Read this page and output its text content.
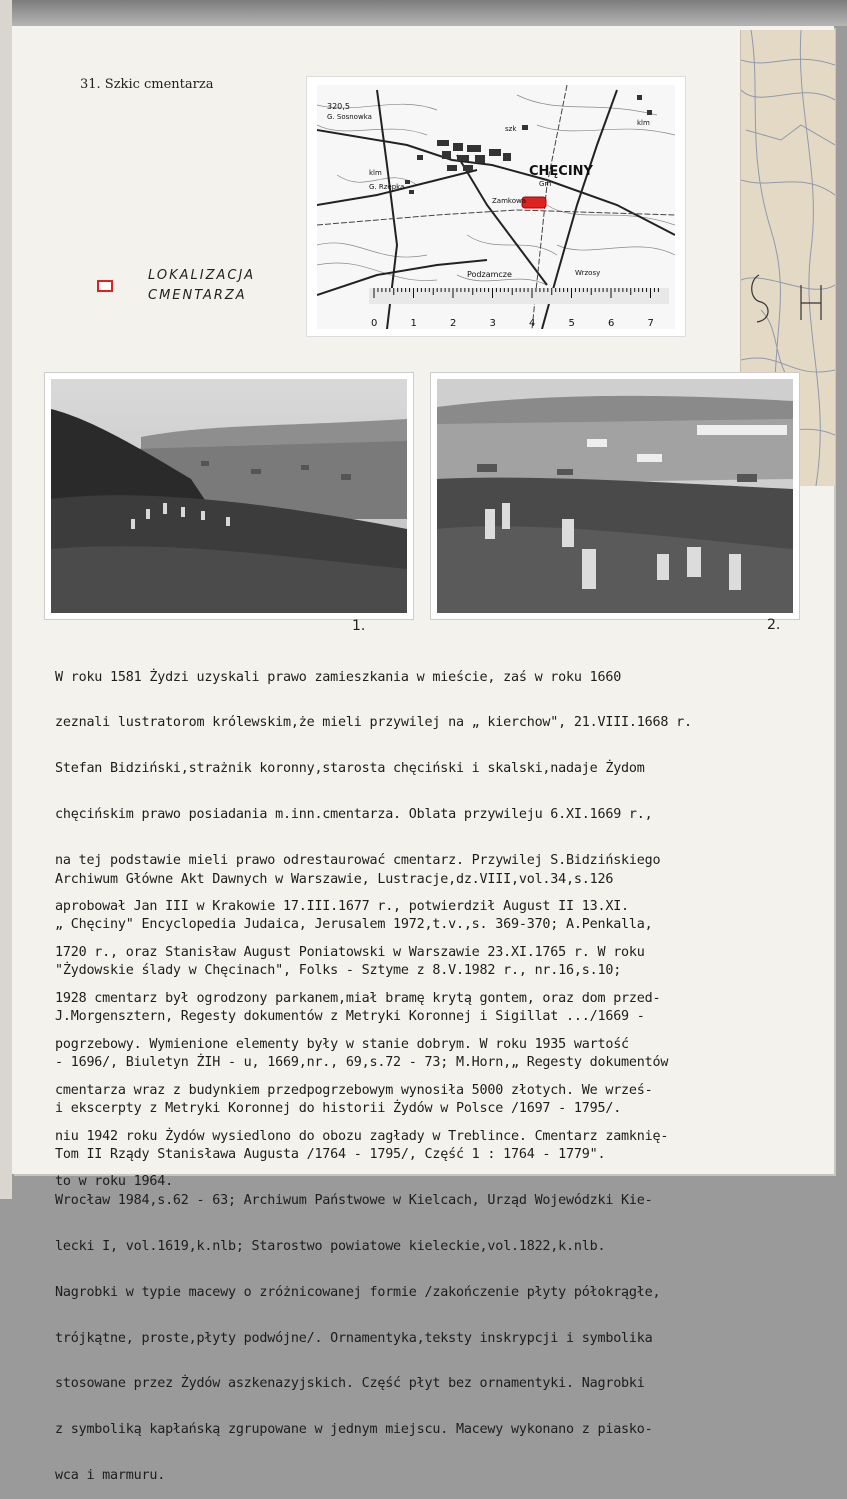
31. Szkic cmentarza
320,5
G. Sosnowka
szk
klm
klm
CHĘCINY
Gm
G. Rzepka
Zamkowa
Podzamcze	Wrzosy
0	1	2	3	4	5	6	7
LOKALIZACJA
CMENTARZA
1.	2.

W roku 1581 Żydzi uzyskali prawo zamieszkania w mieście, zaś w roku 1660

zeznali lustratorom królewskim,że mieli przywilej na „ kierchow", 21.VIII.1668 r.

Stefan Bidziński,strażnik koronny,starosta chęciński i skalski,nadaje Żydom

chęcińskim prawo posiadania m.inn.cmentarza. Oblata przywileju 6.XI.1669 r.,

na tej podstawie mieli prawo odrestaurować cmentarz. Przywilej S.Bidzińskiego

aprobował Jan III w Krakowie 17.III.1677 r., potwierdził August II 13.XI.

1720 r., oraz Stanisław August Poniatowski w Warszawie 23.XI.1765 r. W roku

1928 cmentarz był ogrodzony parkanem,miał bramę krytą gontem, oraz dom przed-

pogrzebowy. Wymienione elementy były w stanie dobrym. W roku 1935 wartość

cmentarza wraz z budynkiem przedpogrzebowym wynosiła 5000 złotych. We wrześ-

niu 1942 roku Żydów wysiedlono do obozu zagłady w Treblince. Cmentarz zamknię-

to w roku 1964.

Archiwum Główne Akt Dawnych w Warszawie, Lustracje,dz.VIII,vol.34,s.126

„ Chęciny" Encyclopedia Judaica, Jerusalem 1972,t.v.,s. 369-370; A.Penkalla,

"Żydowskie ślady w Chęcinach", Folks - Sztyme z 8.V.1982 r., nr.16,s.10;

J.Morgensztern, Regesty dokumentów z Metryki Koronnej i Sigillat .../1669 -

- 1696/, Biuletyn ŻIH - u, 1669,nr., 69,s.72 - 73; M.Horn,„ Regesty dokumentów

i ekscerpty z Metryki Koronnej do historii Żydów w Polsce /1697 - 1795/.

Tom II Rządy Stanisława Augusta /1764 - 1795/, Część 1 : 1764 - 1779".

Wrocław 1984,s.62 - 63; Archiwum Państwowe w Kielcach, Urząd Wojewódzki Kie-

lecki I, vol.1619,k.nlb; Starostwo powiatowe kieleckie,vol.1822,k.nlb.

Nagrobki w typie macewy o zróżnicowanej formie /zakończenie płyty półokrągłe,

trójkątne, proste,płyty podwójne/. Ornamentyka,teksty inskrypcji i symbolika

stosowane przez Żydów aszkenazyjskich. Część płyt bez ornamentyki. Nagrobki

z symboliką kapłańską zgrupowane w jednym miejscu. Macewy wykonano z piasko-

wca i marmuru.
